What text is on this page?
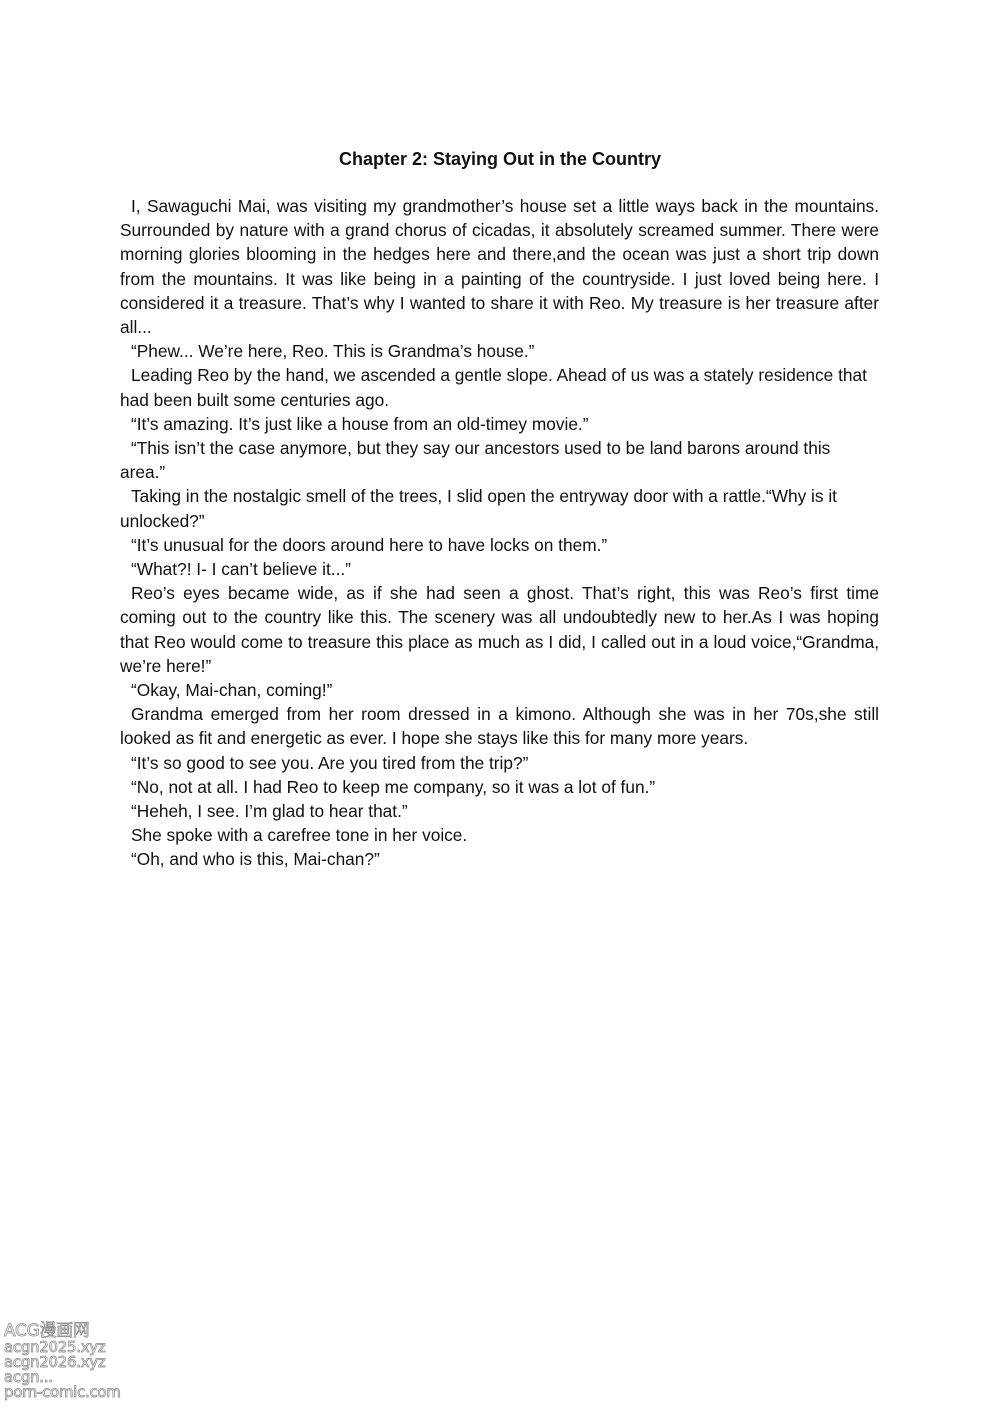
Chapter 2: Staying Out in the Country

I, Sawaguchi Mai, was visiting my grandmother’s house set a little ways back in the mountains. Surrounded by nature with a grand chorus of cicadas, it absolutely screamed summer. There were morning glories blooming in the hedges here and there,and the ocean was just a short trip down from the mountains. It was like being in a painting of the countryside. I just loved being here. I considered it a treasure. That’s why I wanted to share it with Reo. My treasure is her treasure after all...

“Phew... We’re here, Reo. This is Grandma’s house.”

Leading Reo by the hand, we ascended a gentle slope. Ahead of us was a stately residence that had been built some centuries ago.

“It’s amazing. It’s just like a house from an old-timey movie.”

“This isn’t the case anymore, but they say our ancestors used to be land barons around this area.”

Taking in the nostalgic smell of the trees, I slid open the entryway door with a rattle.“Why is it unlocked?”

“It’s unusual for the doors around here to have locks on them.”

“What?! I- I can’t believe it...”

Reo’s eyes became wide, as if she had seen a ghost. That’s right, this was Reo’s first time coming out to the country like this. The scenery was all undoubtedly new to her.As I was hoping that Reo would come to treasure this place as much as I did, I called out in a loud voice,“Grandma, we’re here!”

“Okay, Mai-chan, coming!”

Grandma emerged from her room dressed in a kimono. Although she was in her 70s,she still looked as fit and energetic as ever. I hope she stays like this for many more years.

“It’s so good to see you. Are you tired from the trip?”

“No, not at all. I had Reo to keep me company, so it was a lot of fun.”

“Heheh, I see. I’m glad to hear that.”

She spoke with a carefree tone in her voice.

“Oh, and who is this, Mai-chan?”

ACG漫画网
acgn2025.xyz
acgn2026.xyz
acgn...
porn-comic.com
